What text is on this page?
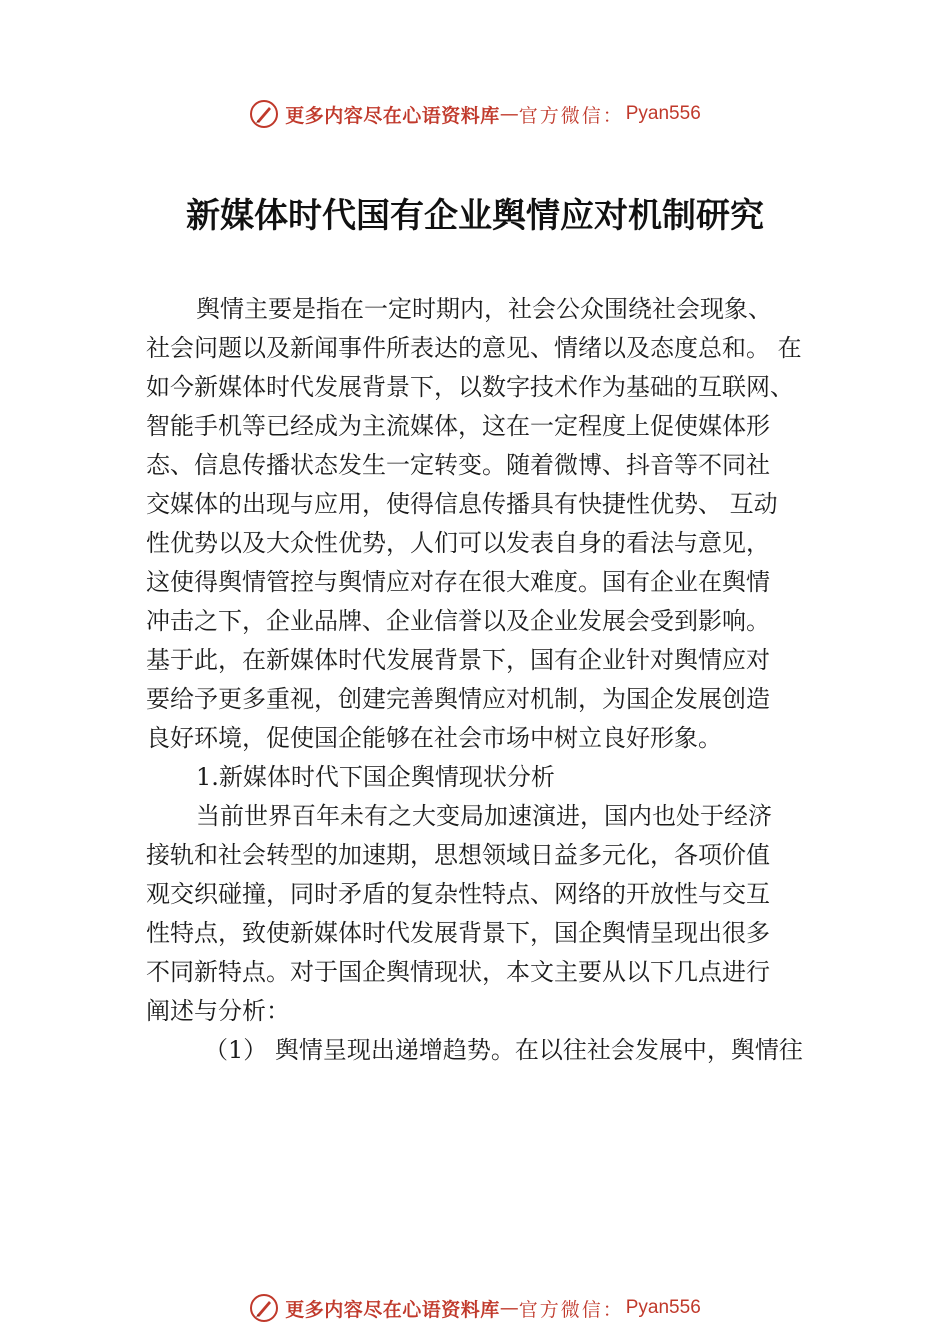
更多内容尽在心语资料库 — 官方微信： Pyan556
新媒体时代国有企业舆情应对机制研究
舆情主要是指在一定时期内，社会公众围绕社会现象、
社会问题以及新闻事件所表达的意见、情绪以及态度总和。 在
如今新媒体时代发展背景下，以数字技术作为基础的互联网、
智能手机等已经成为主流媒体，这在一定程度上促使媒体形
态、信息传播状态发生一定转变。随着微博、抖音等不同社
交媒体的出现与应用，使得信息传播具有快捷性优势、 互动
性优势以及大众性优势，人们可以发表自身的看法与意见，
这使得舆情管控与舆情应对存在很大难度。国有企业在舆情
冲击之下，企业品牌、企业信誉以及企业发展会受到影响。
基于此，在新媒体时代发展背景下，国有企业针对舆情应对
要给予更多重视，创建完善舆情应对机制，为国企发展创造
良好环境，促使国企能够在社会市场中树立良好形象。
1.新媒体时代下国企舆情现状分析
当前世界百年未有之大变局加速演进，国内也处于经济
接轨和社会转型的加速期，思想领域日益多元化，各项价值
观交织碰撞，同时矛盾的复杂性特点、网络的开放性与交互
性特点，致使新媒体时代发展背景下，国企舆情呈现出很多
不同新特点。对于国企舆情现状，本文主要从以下几点进行
阐述与分析：
（1） 舆情呈现出递增趋势。在以往社会发展中，舆情往
更多内容尽在心语资料库 — 官方微信： Pyan556
